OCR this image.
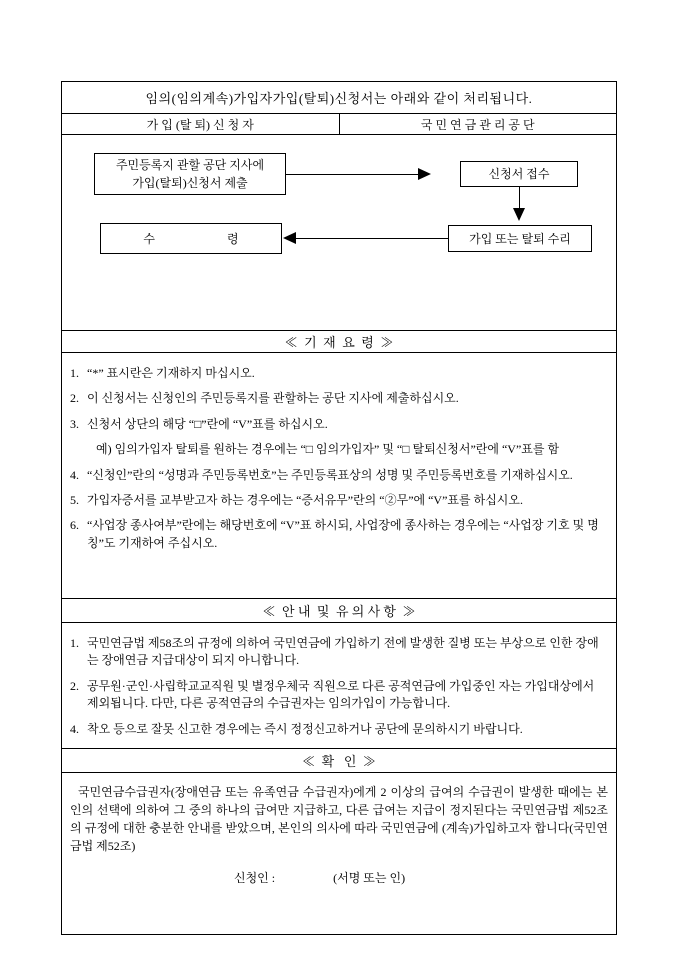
임의(임의계속)가입자가입(탈퇴)신청서는 아래와 같이 처리됩니다.
가 입 (탈 퇴) 신 청 자	국 민 연 금 관 리 공 단
주민등록지 관할 공단 지사에
가입(탈퇴)신청서 제출
신청서 접수
가입 또는 탈퇴 수리
수　　　　　　령
≪  기  재  요  령  ≫
1. “*” 표시란은 기재하지 마십시오.
2. 이 신청서는 신청인의 주민등록지를 관할하는 공단 지사에 제출하십시오.
3. 신청서 상단의 해당 “□”란에 “V”표를 하십시오.
예) 임의가입자 탈퇴를 원하는 경우에는 “□ 임의가입자” 및 “□ 탈퇴신청서”란에 “V”표를 함
4. “신청인”란의 “성명과 주민등록번호”는 주민등록표상의 성명 및 주민등록번호를 기재하십시오.
5. 가입자증서를 교부받고자 하는 경우에는 “증서유무”란의 “②무”에 “V”표를 하십시오.
6. “사업장 종사여부”란에는 해당번호에 “V”표 하시되, 사업장에 종사하는 경우에는 “사업장 기호 및 명칭”도 기재하여 주십시오.
≪  안 내  및  유 의 사 항  ≫
1. 국민연금법 제58조의 규정에 의하여 국민연금에 가입하기 전에 발생한 질병 또는 부상으로 인한 장애는 장애연금 지급대상이 되지 아니합니다.
2. 공무원·군인·사립학교교직원 및 별정우체국 직원으로 다른 공적연금에 가입중인 자는 가입대상에서 제외됩니다. 다만, 다른 공적연금의 수급권자는 임의가입이 가능합니다.
4. 착오 등으로 잘못 신고한 경우에는 즉시 정정신고하거나 공단에 문의하시기 바랍니다.
≪  확   인  ≫
국민연금수급권자(장애연금 또는 유족연금 수급권자)에게 2 이상의 급여의 수급권이 발생한 때에는 본인의 선택에 의하여 그 중의 하나의 급여만 지급하고, 다른 급여는 지급이 정지된다는 국민연금법 제52조의 규정에 대한 충분한 안내를 받았으며, 본인의 의사에 따라 국민연금에 (계속)가입하고자 합니다(국민연금법 제52조)
신청인 :	(서명 또는 인)
